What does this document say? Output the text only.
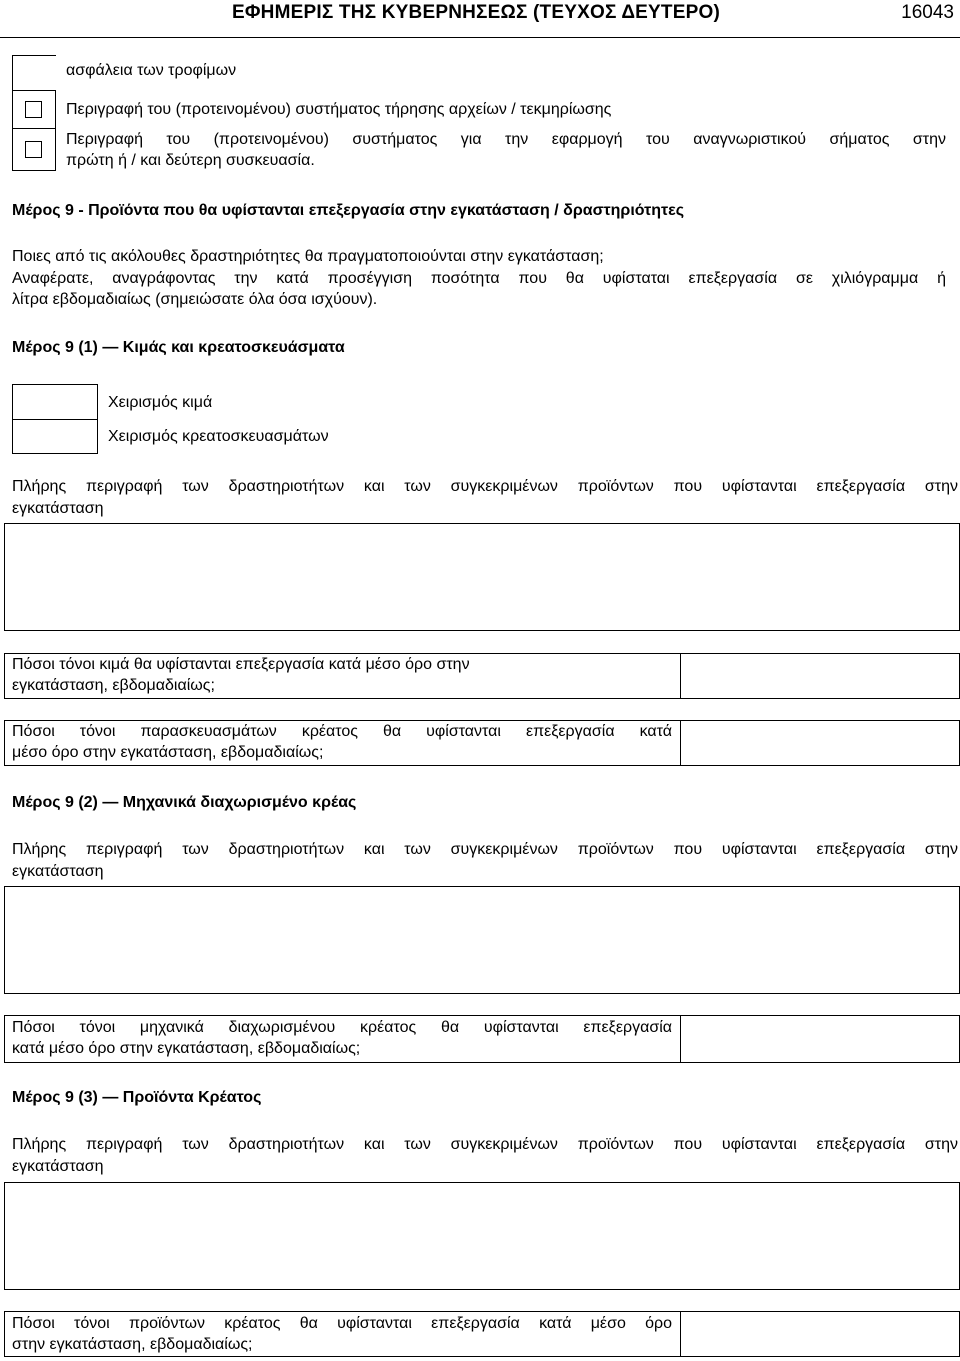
ΕΦΗΜΕΡΙΣ ΤΗΣ ΚΥΒΕΡΝΗΣΕΩΣ (ΤΕΥΧΟΣ ΔΕΥΤΕΡΟ)	16043
ασφάλεια των τροφίμων
Περιγραφή του (προτεινομένου) συστήματος τήρησης αρχείων / τεκμηρίωσης
Περιγραφή του (προτεινομένου) συστήματος για την εφαρμογή του αναγνωριστικού σήματος στην
πρώτη ή / και δεύτερη συσκευασία.
Μέρος 9 - Προϊόντα που θα υφίστανται επεξεργασία στην εγκατάσταση / δραστηριότητες
Ποιες από τις ακόλουθες δραστηριότητες θα πραγματοποιούνται στην εγκατάσταση;
Αναφέρατε, αναγράφοντας την κατά προσέγγιση ποσότητα που θα υφίσταται επεξεργασία σε χιλιόγραμμα ή
λίτρα εβδομαδιαίως (σημειώσατε όλα όσα ισχύουν).
Μέρος 9 (1) — Κιμάς και κρεατοσκευάσματα
Χειρισμός κιμά
Χειρισμός κρεατοσκευασμάτων
Πλήρης περιγραφή των δραστηριοτήτων και των συγκεκριμένων προϊόντων που υφίστανται επεξεργασία στην
εγκατάσταση
Πόσοι τόνοι κιμά θα υφίστανται επεξεργασία κατά μέσο όρο στην
εγκατάσταση, εβδομαδιαίως;
Πόσοι τόνοι παρασκευασμάτων κρέατος θα υφίστανται επεξεργασία κατά
μέσο όρο στην εγκατάσταση, εβδομαδιαίως;
Μέρος 9 (2) — Μηχανικά διαχωρισμένο κρέας
Πλήρης περιγραφή των δραστηριοτήτων και των συγκεκριμένων προϊόντων που υφίστανται επεξεργασία στην
εγκατάσταση
Πόσοι τόνοι μηχανικά διαχωρισμένου κρέατος θα υφίστανται επεξεργασία
κατά μέσο όρο στην εγκατάσταση, εβδομαδιαίως;
Μέρος 9 (3) — Προϊόντα Κρέατος
Πλήρης περιγραφή των δραστηριοτήτων και των συγκεκριμένων προϊόντων που υφίστανται επεξεργασία στην
εγκατάσταση
Πόσοι τόνοι προϊόντων κρέατος θα υφίστανται επεξεργασία κατά μέσο όρο
στην εγκατάσταση, εβδομαδιαίως;
